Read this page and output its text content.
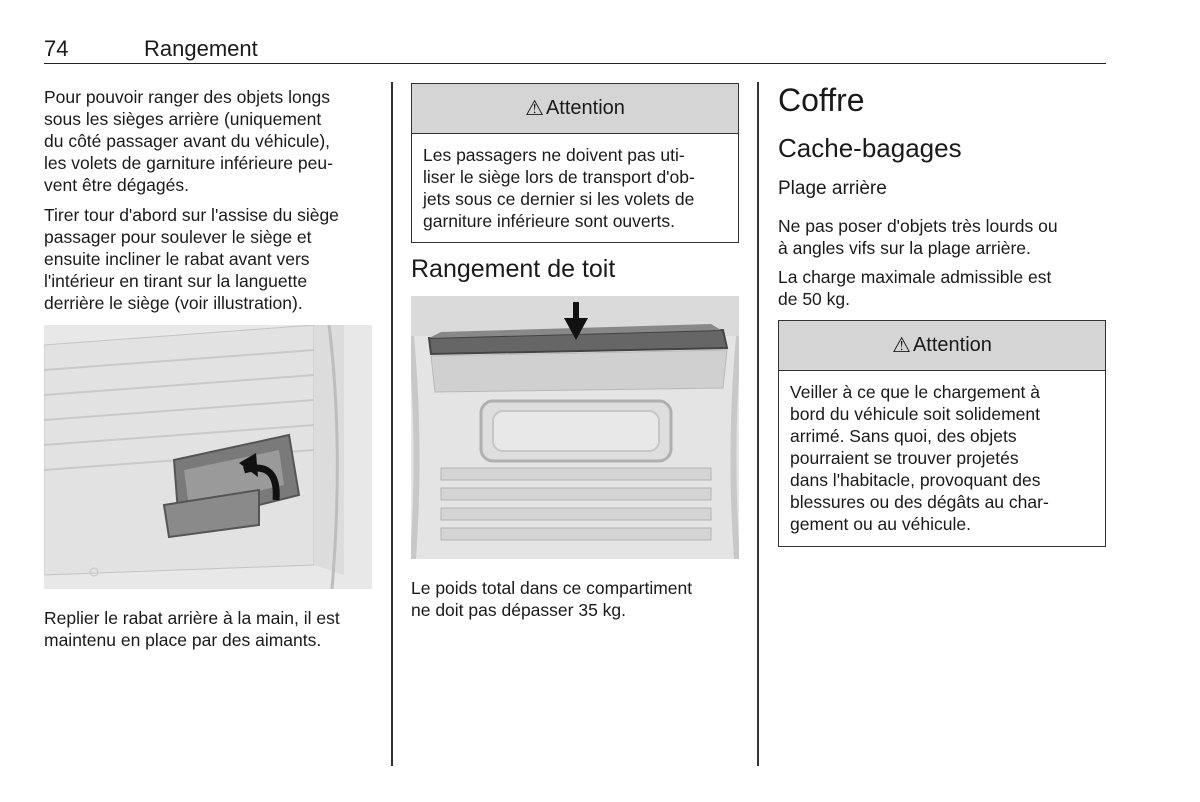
74	Rangement
Pour pouvoir ranger des objets longs
sous les sièges arrière (uniquement
du côté passager avant du véhicule),
les volets de garniture inférieure peu-
vent être dégagés.
Tirer tour d'abord sur l'assise du siège
passager pour soulever le siège et
ensuite incliner le rabat avant vers
l'intérieur en tirant sur la languette
derrière le siège (voir illustration).
Replier le rabat arrière à la main, il est
maintenu en place par des aimants.
⚠ Attention
Les passagers ne doivent pas uti-
liser le siège lors de transport d'ob-
jets sous ce dernier si les volets de
garniture inférieure sont ouverts.
Rangement de toit
Le poids total dans ce compartiment
ne doit pas dépasser 35 kg.
Coffre
Cache-bagages
Plage arrière
Ne pas poser d'objets très lourds ou
à angles vifs sur la plage arrière.
La charge maximale admissible est
de 50 kg.
⚠ Attention
Veiller à ce que le chargement à
bord du véhicule soit solidement
arrimé. Sans quoi, des objets
pourraient se trouver projetés
dans l'habitacle, provoquant des
blessures ou des dégâts au char-
gement ou au véhicule.
